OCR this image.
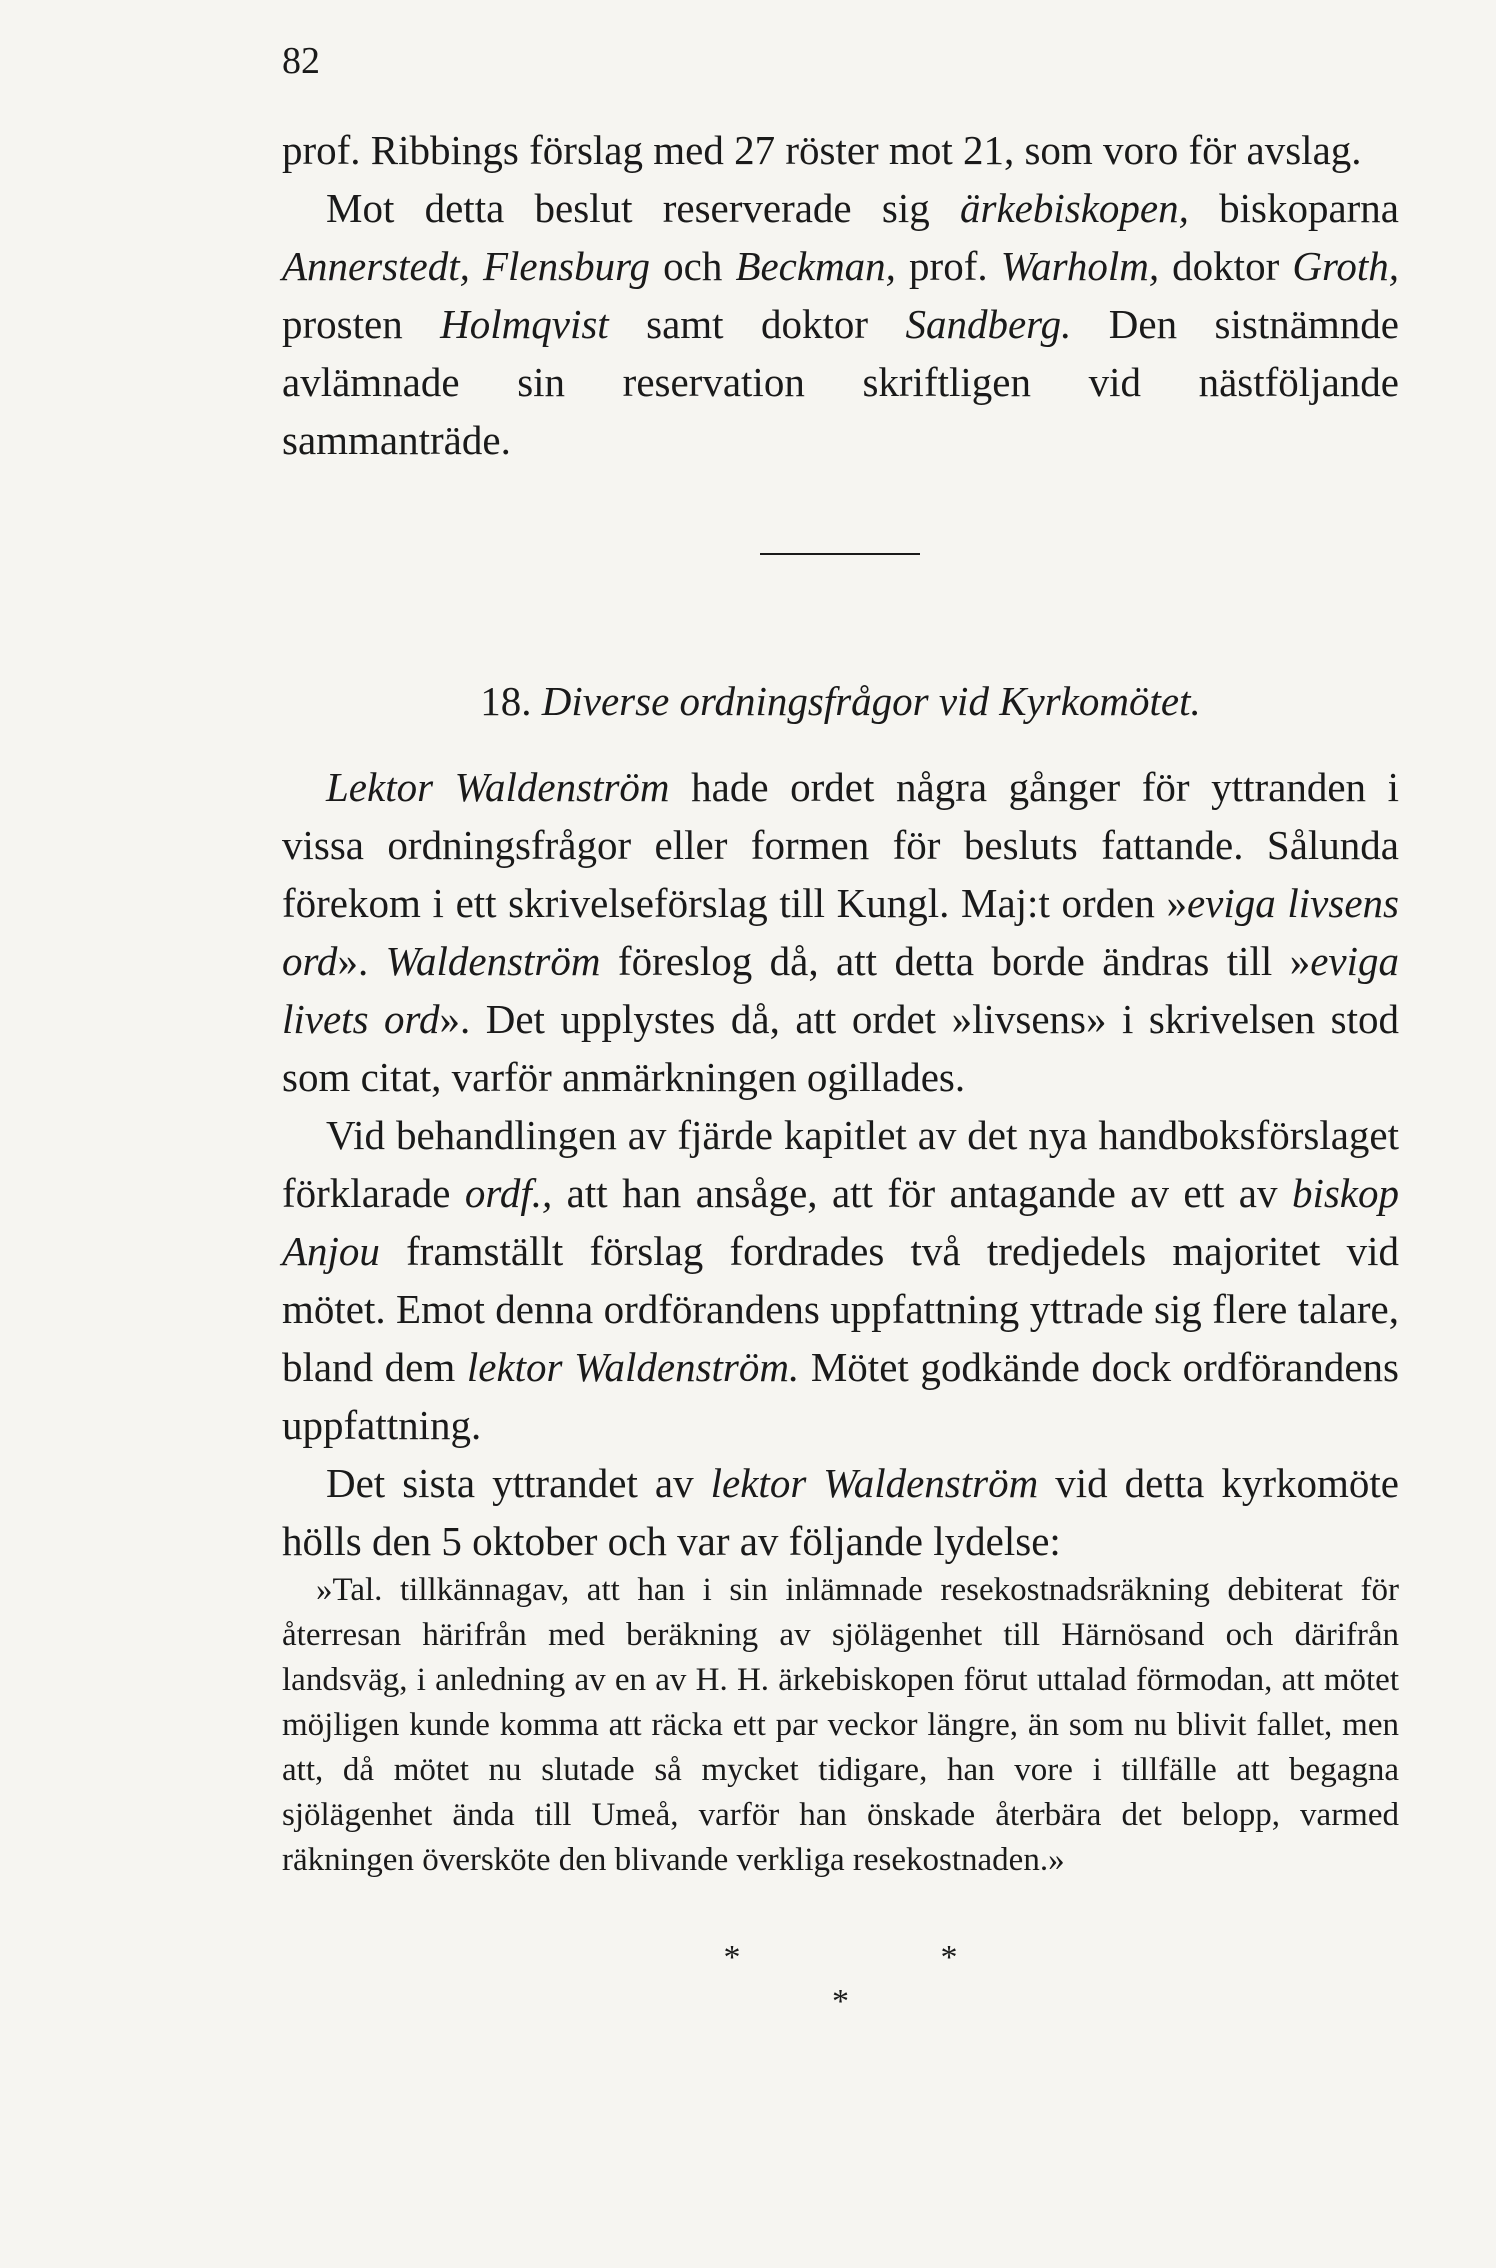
82

prof. Ribbings förslag med 27 röster mot 21, som voro för avslag.

Mot detta beslut reserverade sig ärkebiskopen, biskoparna Annerstedt, Flensburg och Beckman, prof. Warholm, doktor Groth, prosten Holmqvist samt doktor Sandberg. Den sistnämnde avlämnade sin reservation skriftligen vid nästföljande sammanträde.

18. Diverse ordningsfrågor vid Kyrkomötet.

Lektor Waldenström hade ordet några gånger för yttranden i vissa ordningsfrågor eller formen för besluts fattande. Sålunda förekom i ett skrivelseförslag till Kungl. Maj:t orden »eviga livsens ord». Waldenström föreslog då, att detta borde ändras till »eviga livets ord». Det upplystes då, att ordet »livsens» i skrivelsen stod som citat, varför anmärkningen ogillades.

Vid behandlingen av fjärde kapitlet av det nya handboksförslaget förklarade ordf., att han ansåge, att för antagande av ett av biskop Anjou framställt förslag fordrades två tredjedels majoritet vid mötet. Emot denna ordförandens uppfattning yttrade sig flere talare, bland dem lektor Waldenström. Mötet godkände dock ordförandens uppfattning.

Det sista yttrandet av lektor Waldenström vid detta kyrkomöte hölls den 5 oktober och var av följande lydelse:

»Tal. tillkännagav, att han i sin inlämnade resekostnadsräkning debiterat för återresan härifrån med beräkning av sjölägenhet till Härnösand och därifrån landsväg, i anledning av en av H. H. ärkebiskopen förut uttalad förmodan, att mötet möjligen kunde komma att räcka ett par veckor längre, än som nu blivit fallet, men att, då mötet nu slutade så mycket tidigare, han vore i tillfälle att begagna sjölägenhet ända till Umeå, varför han önskade återbära det belopp, varmed räkningen översköte den blivande verkliga resekostnaden.»

*	*
*
